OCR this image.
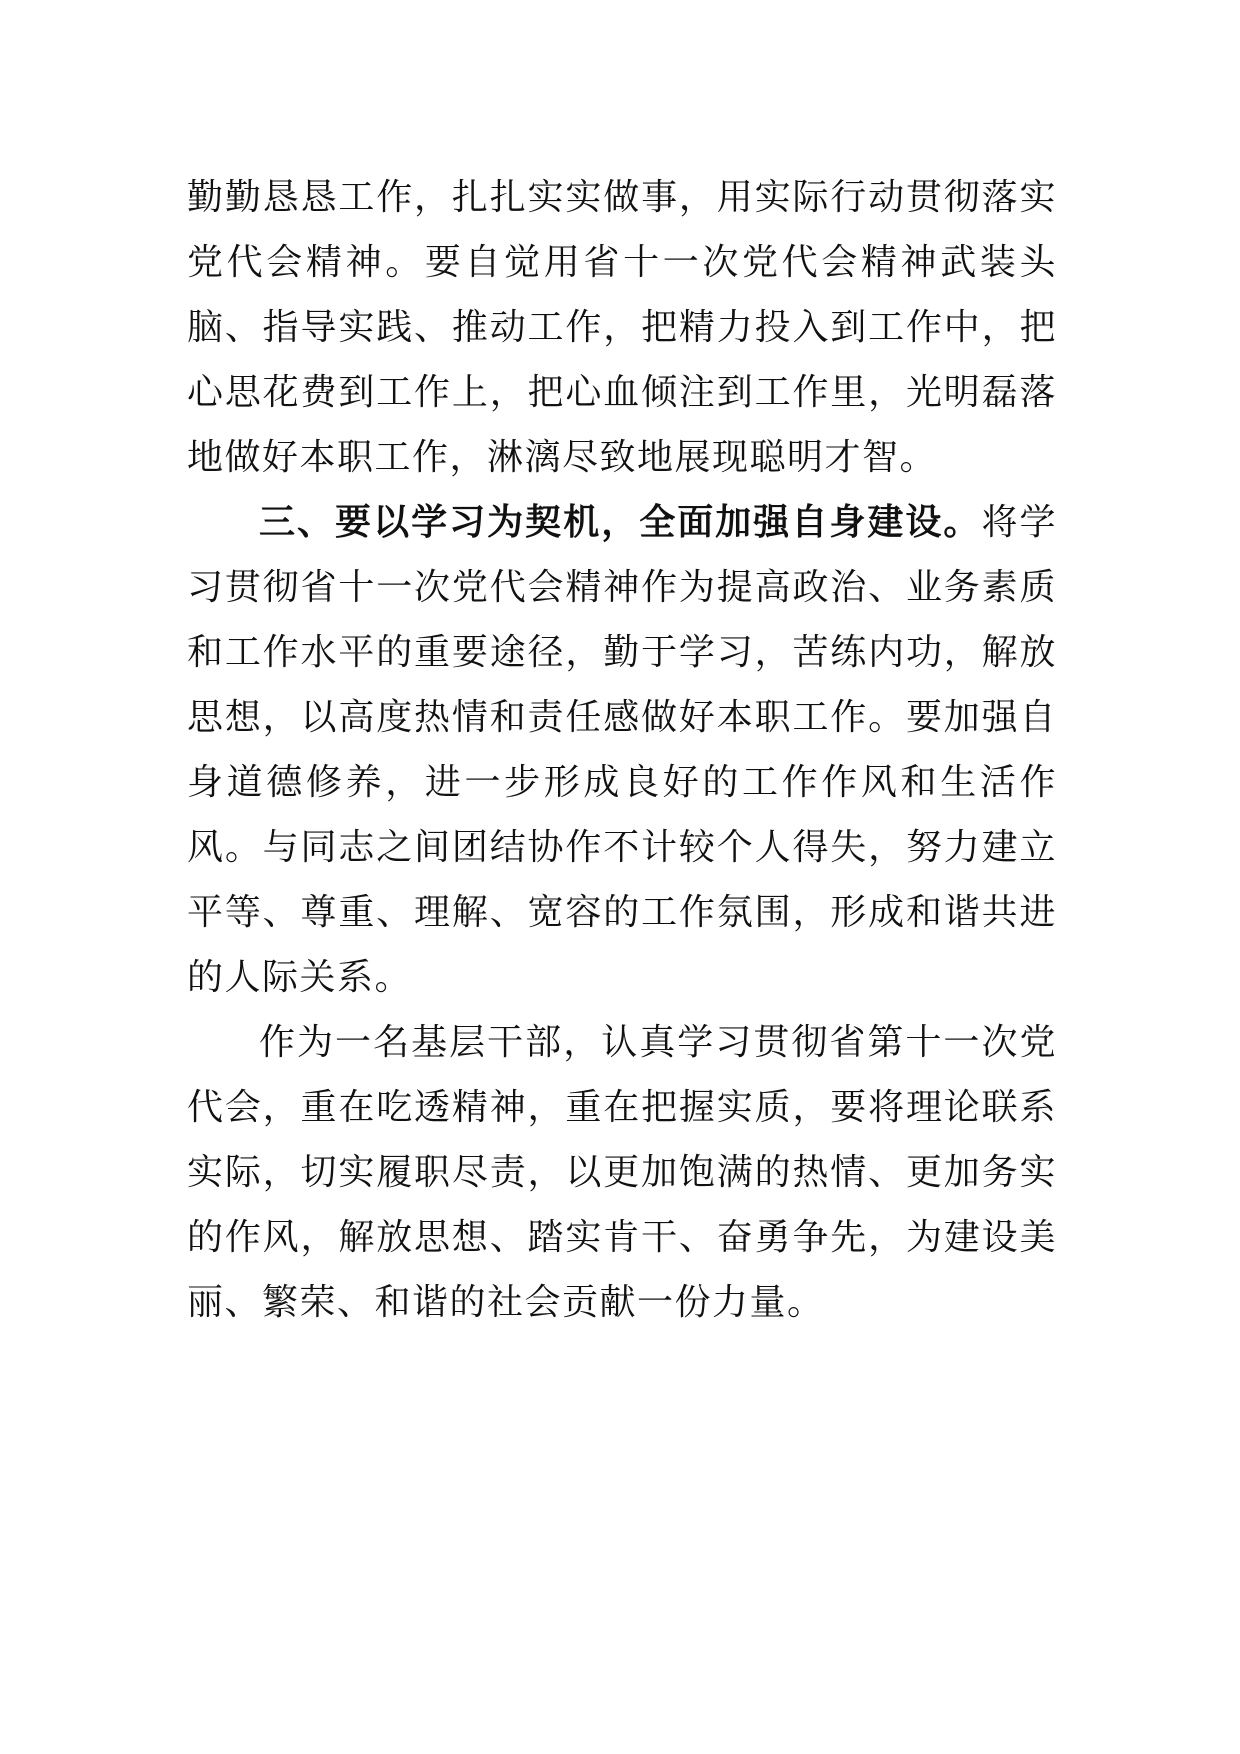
勤勤恳恳工作，扎扎实实做事，用实际行动贯彻落实党代会精神。要自觉用省十一次党代会精神武装头脑、指导实践、推动工作，把精力投入到工作中，把心思花费到工作上，把心血倾注到工作里，光明磊落地做好本职工作，淋漓尽致地展现聪明才智。

三、要以学习为契机，全面加强自身建设。将学习贯彻省十一次党代会精神作为提高政治、业务素质和工作水平的重要途径，勤于学习，苦练内功，解放思想，以高度热情和责任感做好本职工作。要加强自身道德修养，进一步形成良好的工作作风和生活作风。与同志之间团结协作不计较个人得失，努力建立平等、尊重、理解、宽容的工作氛围，形成和谐共进的人际关系。

作为一名基层干部，认真学习贯彻省第十一次党代会，重在吃透精神，重在把握实质，要将理论联系实际，切实履职尽责，以更加饱满的热情、更加务实的作风，解放思想、踏实肯干、奋勇争先，为建设美丽、繁荣、和谐的社会贡献一份力量。
